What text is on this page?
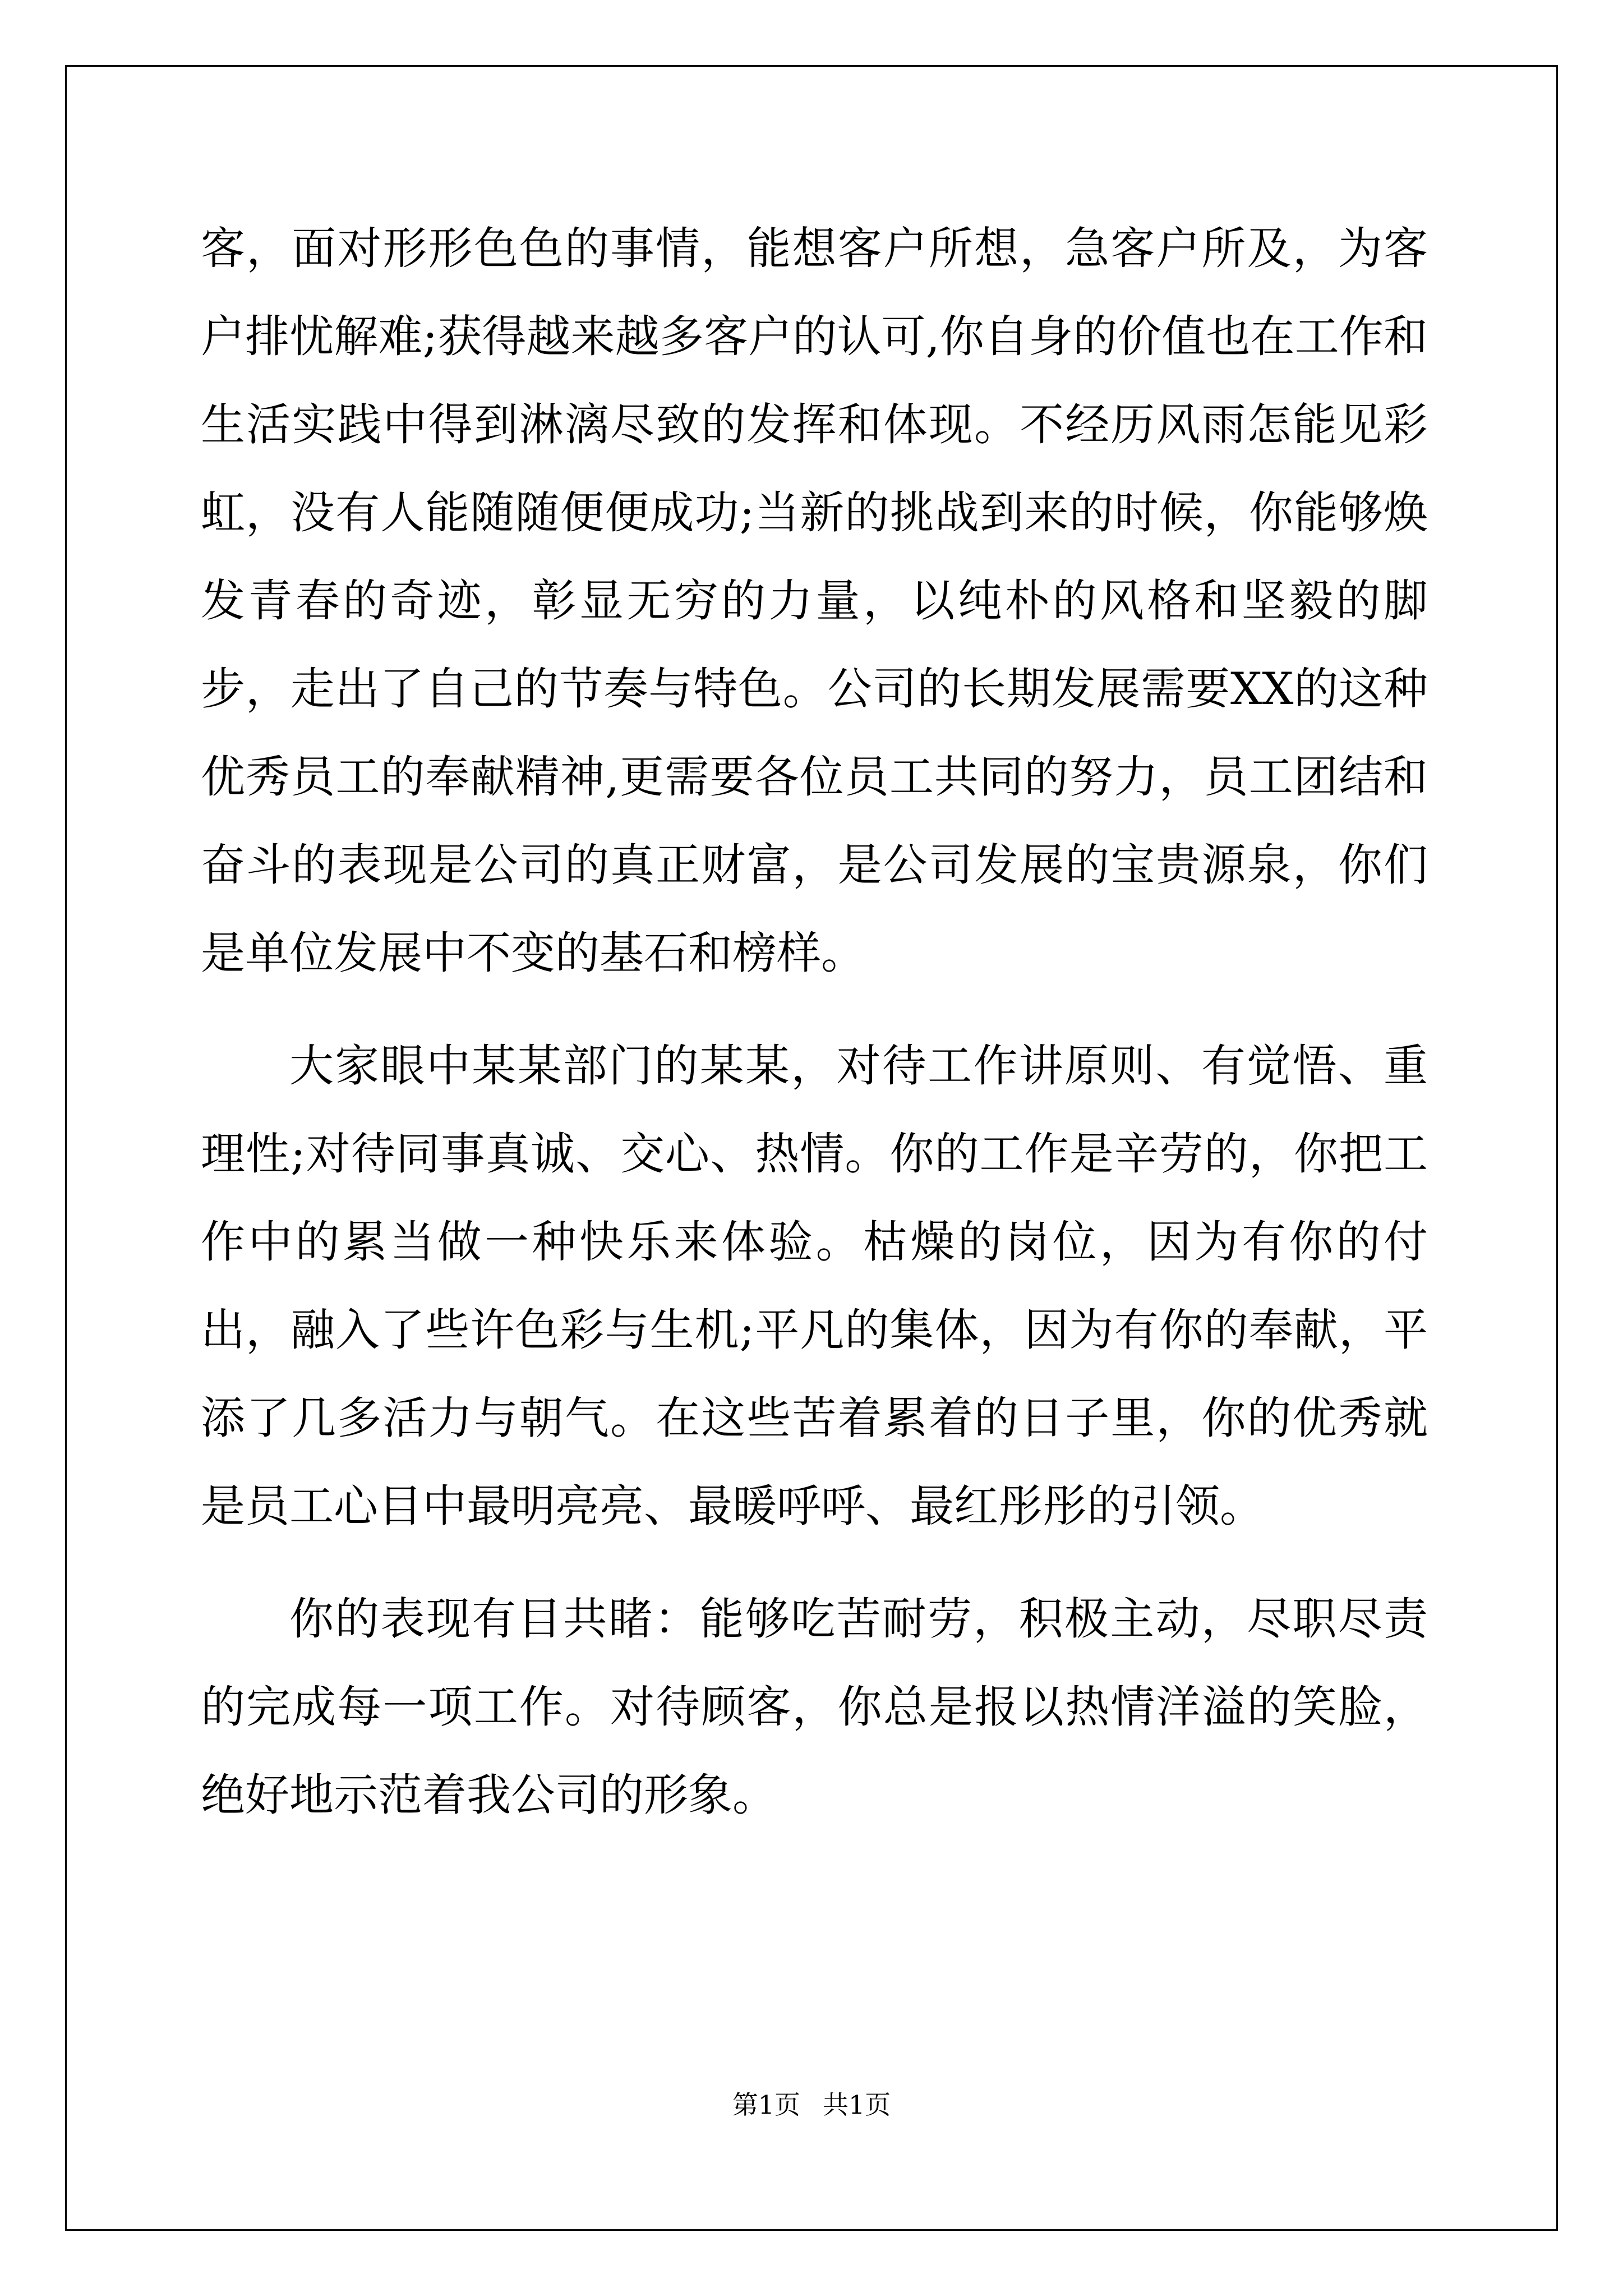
客，面对形形色色的事情，能想客户所想，急客户所及，为客户排忧解难;获得越来越多客户的认可,你自身的价值也在工作和生活实践中得到淋漓尽致的发挥和体现。不经历风雨怎能见彩虹，没有人能随随便便成功;当新的挑战到来的时候，你能够焕发青春的奇迹，彰显无穷的力量，以纯朴的风格和坚毅的脚步，走出了自己的节奏与特色。公司的长期发展需要XX的这种优秀员工的奉献精神,更需要各位员工共同的努力，员工团结和奋斗的表现是公司的真正财富，是公司发展的宝贵源泉，你们是单位发展中不变的基石和榜样。

大家眼中某某部门的某某，对待工作讲原则、有觉悟、重理性;对待同事真诚、交心、热情。你的工作是辛劳的，你把工作中的累当做一种快乐来体验。枯燥的岗位，因为有你的付出，融入了些许色彩与生机;平凡的集体，因为有你的奉献，平添了几多活力与朝气。在这些苦着累着的日子里，你的优秀就是员工心目中最明亮亮、最暖呼呼、最红彤彤的引领。

你的表现有目共睹：能够吃苦耐劳，积极主动，尽职尽责的完成每一项工作。对待顾客，你总是报以热情洋溢的笑脸，绝好地示范着我公司的形象。

第1页 共1页
